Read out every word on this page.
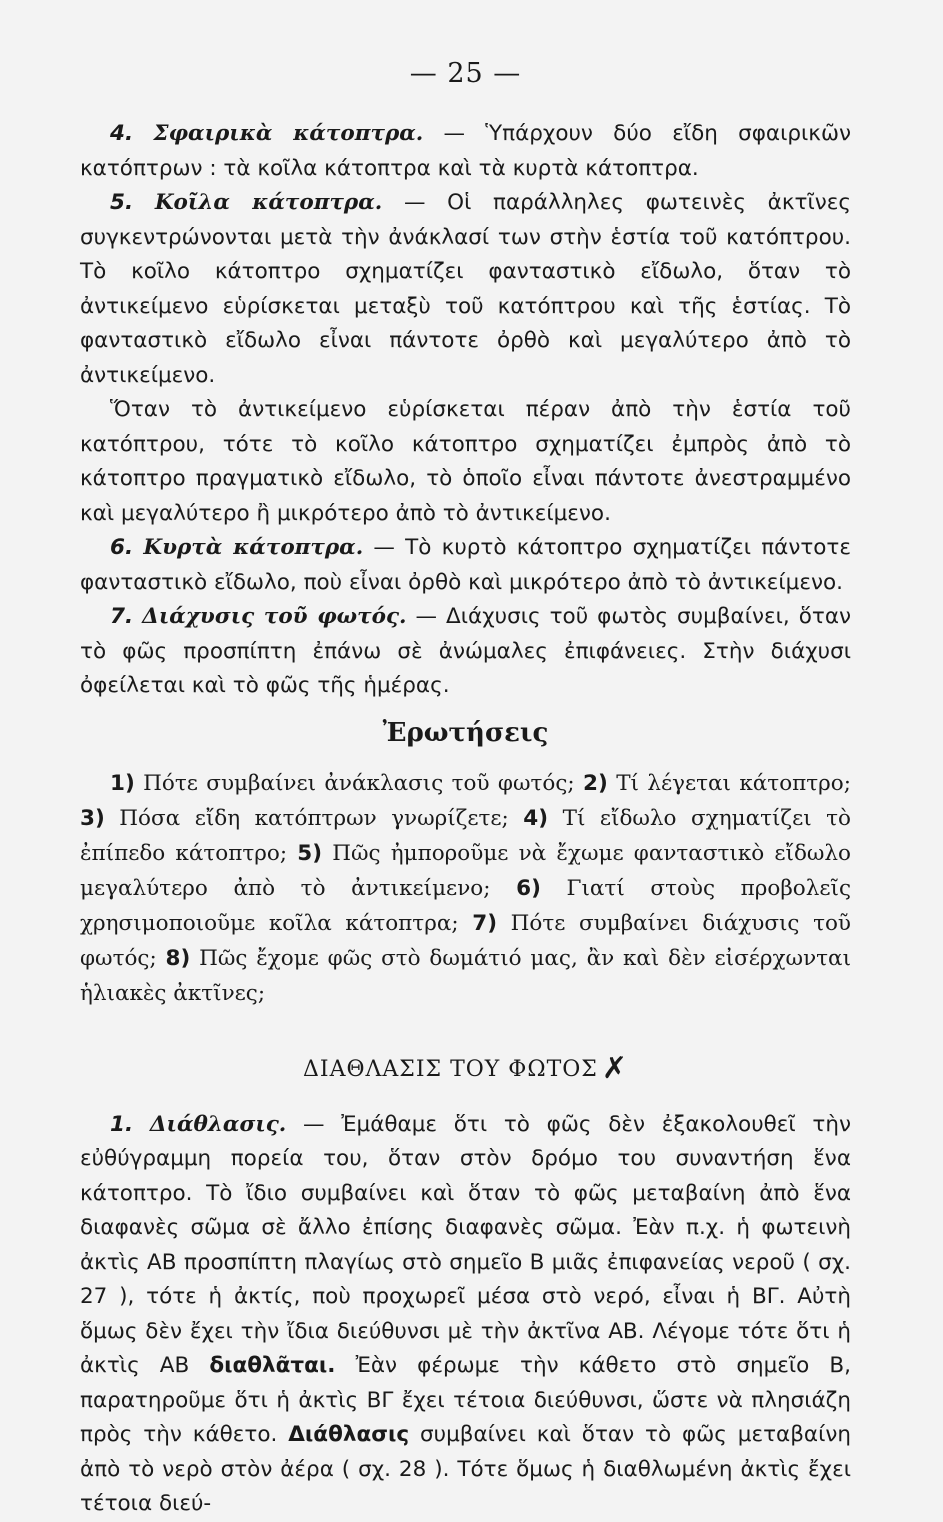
— 25 —

4. Σφαιρικὰ κάτοπτρα. — Ὑπάρχουν δύο εἴδη σφαιρικῶν κατόπτρων : τὰ κοῖλα κάτοπτρα καὶ τὰ κυρτὰ κάτοπτρα.

5. Κοῖλα κάτοπτρα. — Οἱ παράλληλες φωτεινὲς ἀκτῖνες συγκεντρώνονται μετὰ τὴν ἀνάκλασί των στὴν ἑστία τοῦ κατόπτρου. Τὸ κοῖλο κάτοπτρο σχηματίζει φανταστικὸ εἴδωλο, ὅταν τὸ ἀντικείμενο εὑρίσκεται μεταξὺ τοῦ κατόπτρου καὶ τῆς ἑστίας. Τὸ φανταστικὸ εἴδωλο εἶναι πάντοτε ὀρθὸ καὶ μεγαλύτερο ἀπὸ τὸ ἀντικείμενο.

Ὅταν τὸ ἀντικείμενο εὑρίσκεται πέραν ἀπὸ τὴν ἑστία τοῦ κατόπτρου, τότε τὸ κοῖλο κάτοπτρο σχηματίζει ἐμπρὸς ἀπὸ τὸ κάτοπτρο πραγματικὸ εἴδωλο, τὸ ὁποῖο εἶναι πάντοτε ἀνεστραμμένο καὶ μεγαλύτερο ἢ μικρότερο ἀπὸ τὸ ἀντικείμενο.

6. Κυρτὰ κάτοπτρα. — Τὸ κυρτὸ κάτοπτρο σχηματίζει πάντοτε φανταστικὸ εἴδωλο, ποὺ εἶναι ὀρθὸ καὶ μικρότερο ἀπὸ τὸ ἀντικείμενο.

7. Διάχυσις τοῦ φωτός. — Διάχυσις τοῦ φωτὸς συμβαίνει, ὅταν τὸ φῶς προσπίπτη ἐπάνω σὲ ἀνώμαλες ἐπιφάνειες. Στὴν διάχυσι ὀφείλεται καὶ τὸ φῶς τῆς ἡμέρας.

Ἐρωτήσεις

1) Πότε συμβαίνει ἀνάκλασις τοῦ φωτός; 2) Τί λέγεται κάτοπτρο; 3) Πόσα εἴδη κατόπτρων γνωρίζετε; 4) Τί εἴδωλο σχηματίζει τὸ ἐπίπεδο κάτοπτρο; 5) Πῶς ἠμποροῦμε νὰ ἔχωμε φανταστικὸ εἴδωλο μεγαλύτερο ἀπὸ τὸ ἀντικείμενο; 6) Γιατί στοὺς προβολεῖς χρησιμοποιοῦμε κοῖλα κάτοπτρα; 7) Πότε συμβαίνει διάχυσις τοῦ φωτός; 8) Πῶς ἔχομε φῶς στὸ δωμάτιό μας, ἂν καὶ δὲν εἰσέρχωνται ἡλιακὲς ἀκτῖνες;

ΔΙΑΘΛΑΣΙΣ ΤΟΥ ΦΩΤΟΣ ✗

1. Διάθλασις. — Ἐμάθαμε ὅτι τὸ φῶς δὲν ἐξακολουθεῖ τὴν εὐθύγραμμη πορεία του, ὅταν στὸν δρόμο του συναντήση ἕνα κάτοπτρο. Τὸ ἴδιο συμβαίνει καὶ ὅταν τὸ φῶς μεταβαίνη ἀπὸ ἕνα διαφανὲς σῶμα σὲ ἄλλο ἐπίσης διαφανὲς σῶμα. Ἐὰν π.χ. ἡ φωτεινὴ ἀκτὶς ΑΒ προσπίπτη πλαγίως στὸ σημεῖο Β μιᾶς ἐπιφανείας νεροῦ ( σχ. 27 ), τότε ἡ ἀκτίς, ποὺ προχωρεῖ μέσα στὸ νερό, εἶναι ἡ ΒΓ. Αὐτὴ ὅμως δὲν ἔχει τὴν ἴδια διεύθυνσι μὲ τὴν ἀκτῖνα ΑΒ. Λέγομε τότε ὅτι ἡ ἀκτὶς ΑΒ διαθλᾶται. Ἐὰν φέρωμε τὴν κάθετο στὸ σημεῖο Β, παρατηροῦμε ὅτι ἡ ἀκτὶς ΒΓ ἔχει τέτοια διεύθυνσι, ὥστε νὰ πλησιάζη πρὸς τὴν κάθετο. Διάθλασις συμβαίνει καὶ ὅταν τὸ φῶς μεταβαίνη ἀπὸ τὸ νερὸ στὸν ἀέρα ( σχ. 28 ). Τότε ὅμως ἡ διαθλωμένη ἀκτὶς ἔχει τέτοια διεύ-
